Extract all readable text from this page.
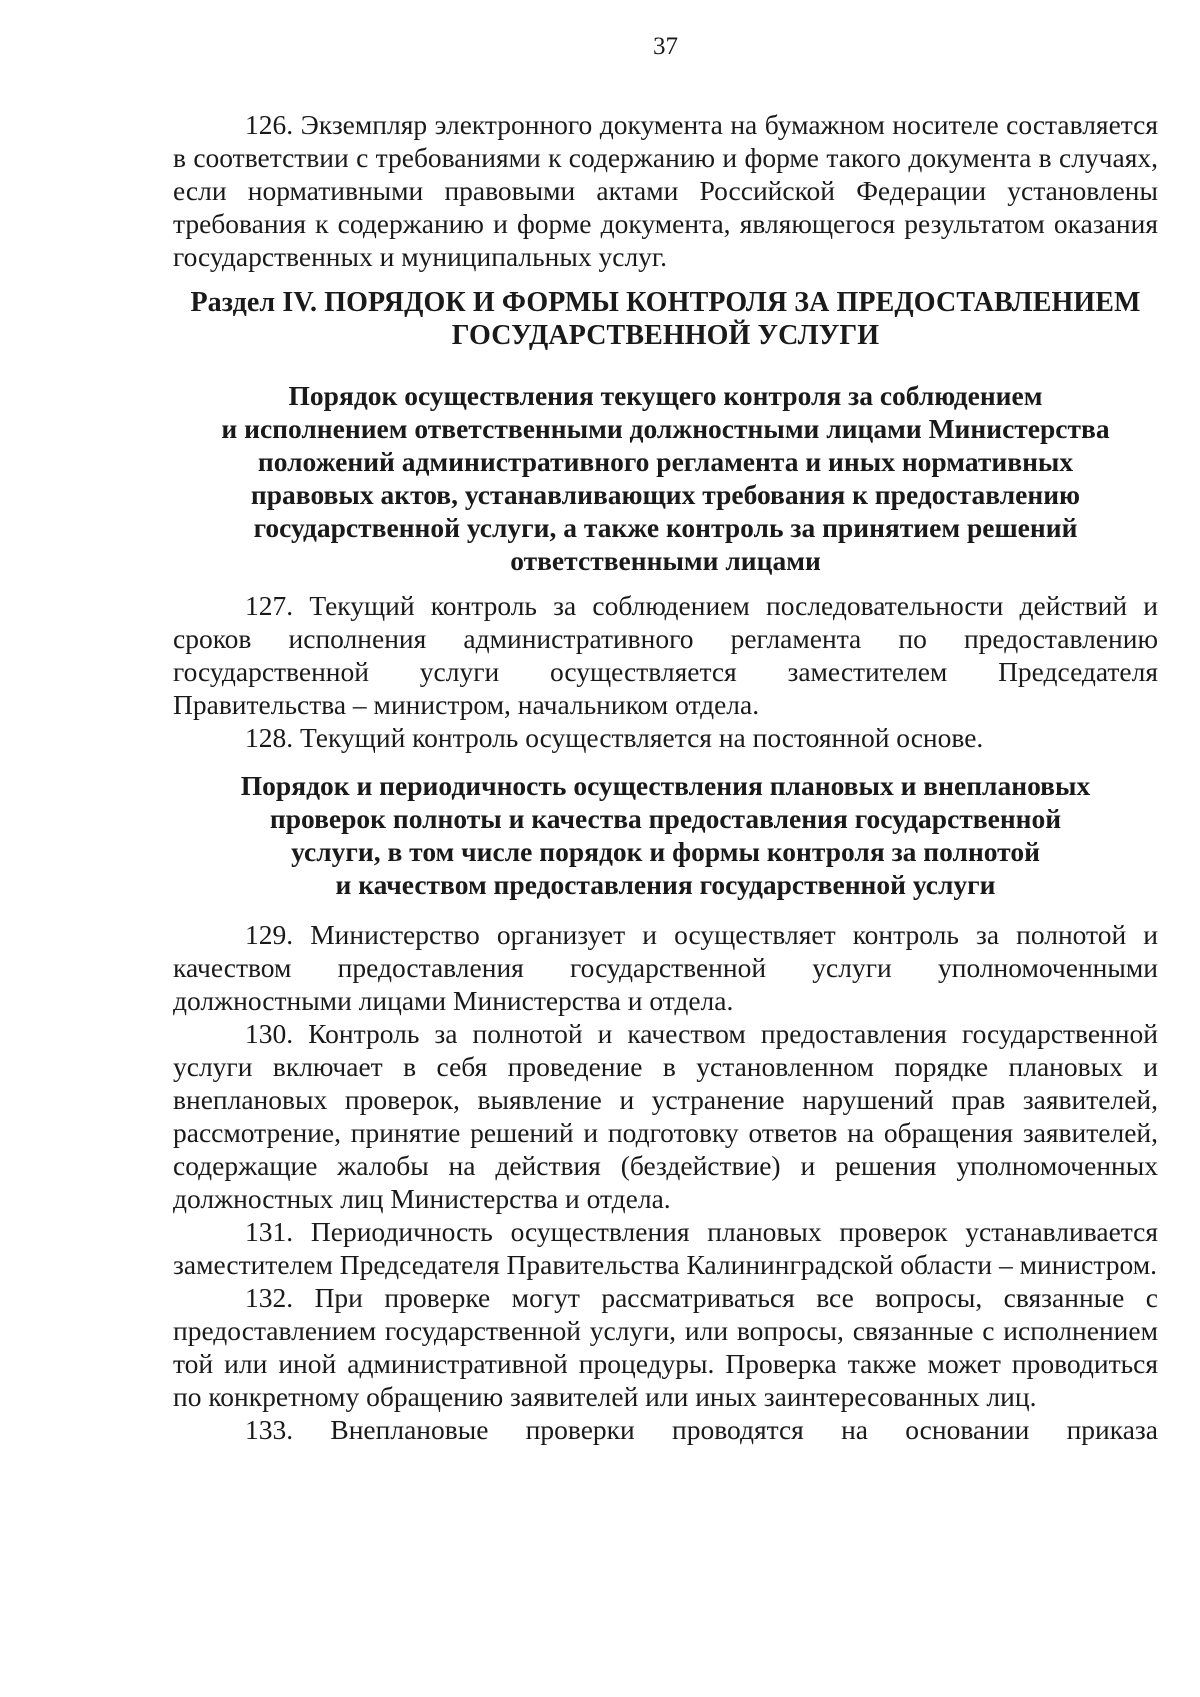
37

126. Экземпляр электронного документа на бумажном носителе составляется в соответствии с требованиями к содержанию и форме такого документа в случаях, если нормативными правовыми актами Российской Федерации установлены требования к содержанию и форме документа, являющегося результатом оказания государственных и муниципальных услуг.

Раздел IV. ПОРЯДОК И ФОРМЫ КОНТРОЛЯ ЗА ПРЕДОСТАВЛЕНИЕМ
ГОСУДАРСТВЕННОЙ УСЛУГИ
Порядок осуществления текущего контроля за соблюдением
и исполнением ответственными должностными лицами Министерства
положений административного регламента и иных нормативных
правовых актов, устанавливающих требования к предоставлению
государственной услуги, а также контроль за принятием решений
ответственными лицами

127. Текущий контроль за соблюдением последовательности действий и сроков исполнения административного регламента по предоставлению государственной услуги осуществляется заместителем Председателя Правительства – министром, начальником отдела.

128. Текущий контроль осуществляется на постоянной основе.

Порядок и периодичность осуществления плановых и внеплановых
проверок полноты и качества предоставления государственной
услуги, в том числе порядок и формы контроля за полнотой
и качеством предоставления государственной услуги

129. Министерство организует и осуществляет контроль за полнотой и качеством предоставления государственной услуги уполномоченными должностными лицами Министерства и отдела.

130. Контроль за полнотой и качеством предоставления государственной услуги включает в себя проведение в установленном порядке плановых и внеплановых проверок, выявление и устранение нарушений прав заявителей, рассмотрение, принятие решений и подготовку ответов на обращения заявителей, содержащие жалобы на действия (бездействие) и решения уполномоченных должностных лиц Министерства и отдела.

131. Периодичность осуществления плановых проверок устанавливается заместителем Председателя Правительства Калининградской области – министром.

132. При проверке могут рассматриваться все вопросы, связанные с предоставлением государственной услуги, или вопросы, связанные с исполнением той или иной административной процедуры. Проверка также может проводиться по конкретному обращению заявителей или иных заинтересованных лиц.

133. Внеплановые проверки проводятся на основании приказа
